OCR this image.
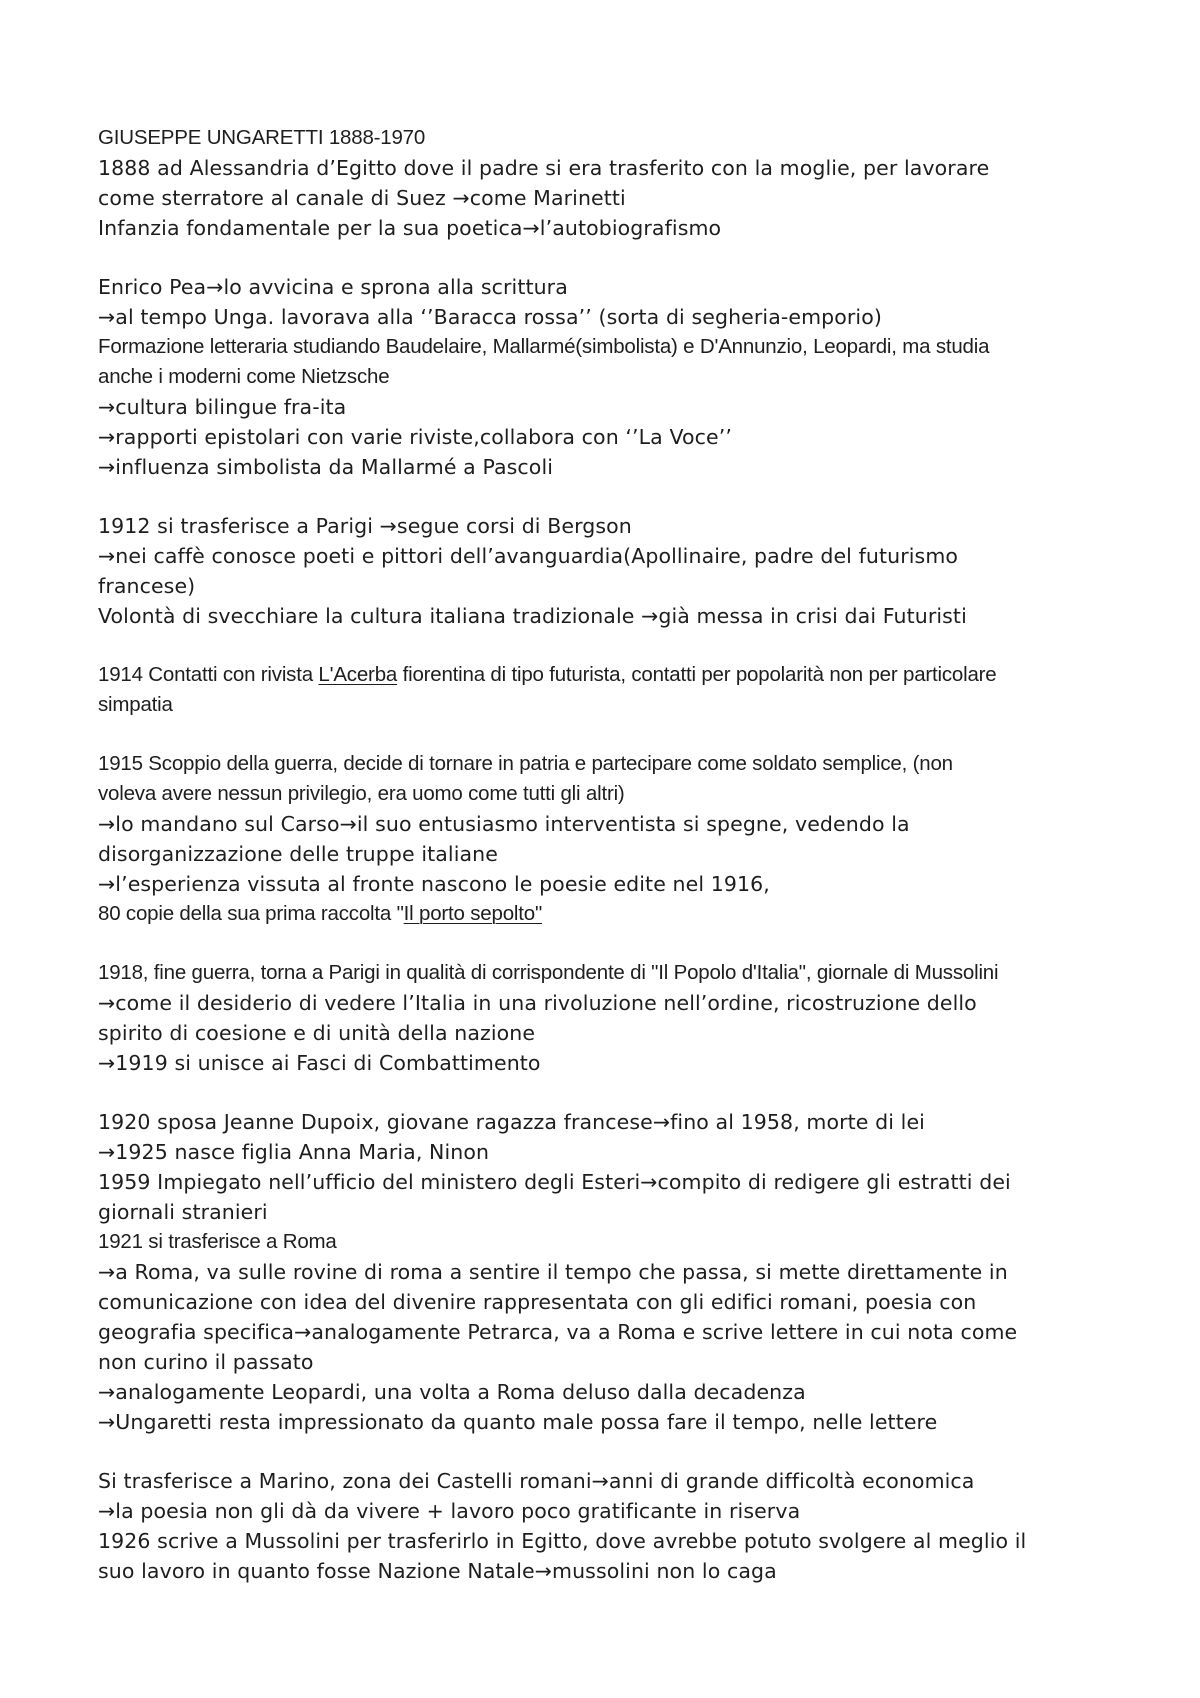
GIUSEPPE UNGARETTI 1888-1970
1888 ad Alessandria d’Egitto dove il padre si era trasferito con la moglie, per lavorare
come sterratore al canale di Suez →come Marinetti
Infanzia fondamentale per la sua poetica→l’autobiografismo
Enrico Pea→lo avvicina e sprona alla scrittura
→al tempo Unga. lavorava alla ‘’Baracca rossa’’ (sorta di segheria-emporio)
Formazione letteraria studiando Baudelaire, Mallarmé(simbolista) e D'Annunzio, Leopardi, ma studia
anche i moderni come Nietzsche
→cultura bilingue fra-ita
→rapporti epistolari con varie riviste,collabora con ‘’La Voce’’
→influenza simbolista da Mallarmé a Pascoli
1912 si trasferisce a Parigi →segue corsi di Bergson
→nei caffè conosce poeti e pittori dell’avanguardia(Apollinaire, padre del futurismo
francese)
Volontà di svecchiare la cultura italiana tradizionale →già messa in crisi dai Futuristi
1914 Contatti con rivista L'Acerba fiorentina di tipo futurista, contatti per popolarità non per particolare
simpatia
1915 Scoppio della guerra, decide di tornare in patria e partecipare come soldato semplice, (non
voleva avere nessun privilegio, era uomo come tutti gli altri)
→lo mandano sul Carso→il suo entusiasmo interventista si spegne, vedendo la
disorganizzazione delle truppe italiane
→l’esperienza vissuta al fronte nascono le poesie edite nel 1916,
80 copie della sua prima raccolta "Il porto sepolto"
1918, fine guerra, torna a Parigi in qualità di corrispondente di "Il Popolo d'Italia", giornale di Mussolini
→come il desiderio di vedere l’Italia in una rivoluzione nell’ordine, ricostruzione dello
spirito di coesione e di unità della nazione
→1919 si unisce ai Fasci di Combattimento
1920 sposa Jeanne Dupoix, giovane ragazza francese→fino al 1958, morte di lei
→1925 nasce figlia Anna Maria, Ninon
1959 Impiegato nell’ufficio del ministero degli Esteri→compito di redigere gli estratti dei
giornali stranieri
1921 si trasferisce a Roma
→a Roma, va sulle rovine di roma a sentire il tempo che passa, si mette direttamente in
comunicazione con idea del divenire rappresentata con gli edifici romani, poesia con
geografia specifica→analogamente Petrarca, va a Roma e scrive lettere in cui nota come
non curino il passato
→analogamente Leopardi, una volta a Roma deluso dalla decadenza
→Ungaretti resta impressionato da quanto male possa fare il tempo, nelle lettere
Si trasferisce a Marino, zona dei Castelli romani→anni di grande difficoltà economica
→la poesia non gli dà da vivere + lavoro poco gratificante in riserva
1926 scrive a Mussolini per trasferirlo in Egitto, dove avrebbe potuto svolgere al meglio il
suo lavoro in quanto fosse Nazione Natale→mussolini non lo caga
